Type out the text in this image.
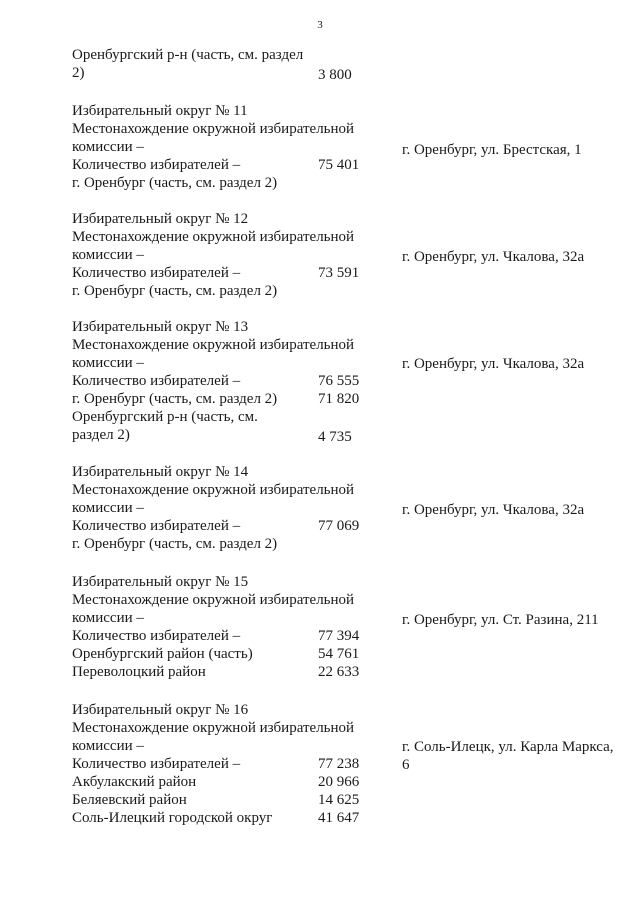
3
Оренбургский р-н (часть, см. раздел
2)	3 800
Избирательный округ № 11
Местонахождение окружной избирательной
комиссии –
Количество избирателей –	75 401
г. Оренбург (часть, см. раздел 2)
г. Оренбург, ул. Брестская, 1
Избирательный округ № 12
Местонахождение окружной избирательной
комиссии –
Количество избирателей –	73 591
г. Оренбург (часть, см. раздел 2)
г. Оренбург, ул. Чкалова, 32а
Избирательный округ № 13
Местонахождение окружной избирательной
комиссии –
Количество избирателей –	76 555
г. Оренбург (часть, см. раздел 2)	71 820
Оренбургский р-н (часть, см.
раздел 2)	4 735
г. Оренбург, ул. Чкалова, 32а
Избирательный округ № 14
Местонахождение окружной избирательной
комиссии –
Количество избирателей –	77 069
г. Оренбург (часть, см. раздел 2)
г. Оренбург, ул. Чкалова, 32а
Избирательный округ № 15
Местонахождение окружной избирательной
комиссии –
Количество избирателей –	77 394
Оренбургский район (часть)	54 761
Переволоцкий район	22 633
г. Оренбург, ул. Ст. Разина, 211
Избирательный округ № 16
Местонахождение окружной избирательной
комиссии –
Количество избирателей –	77 238
Акбулакский район	20 966
Беляевский район	14 625
Соль-Илецкий городской округ	41 647
г. Соль-Илецк, ул. Карла Маркса,
6
